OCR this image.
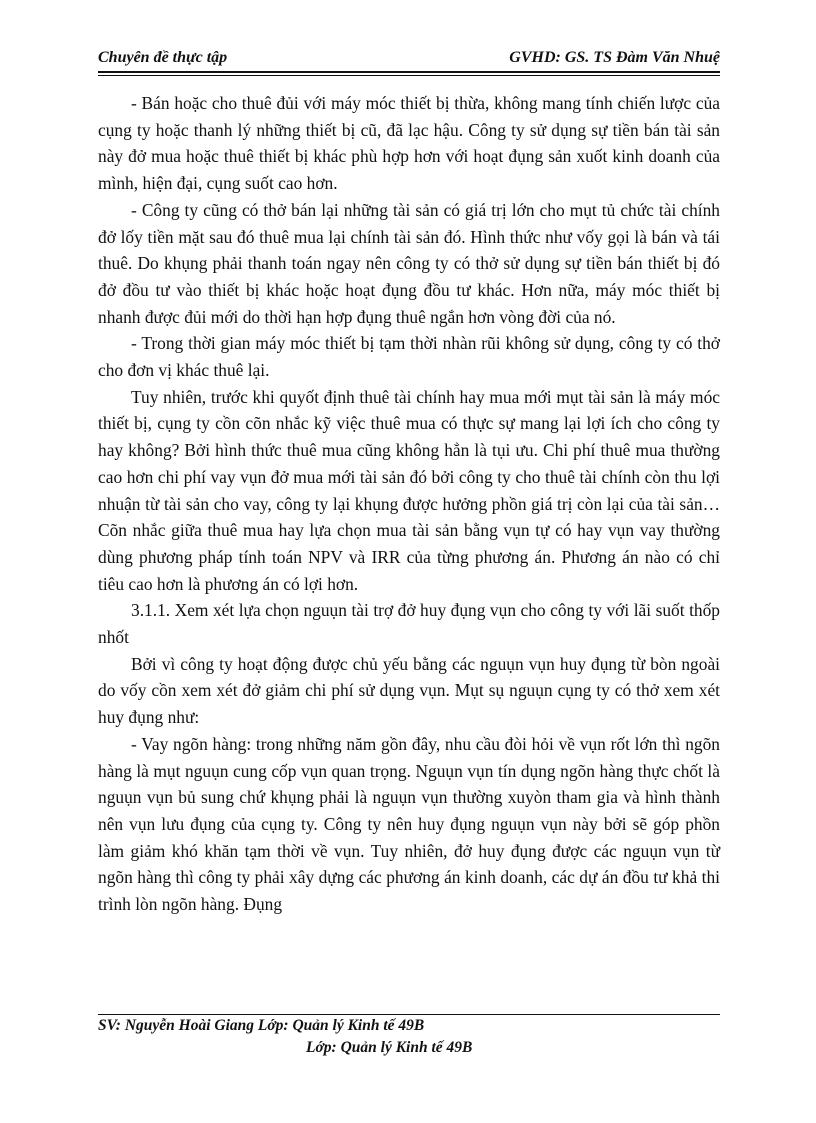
Chuyên đề thực tập	GVHD: GS. TS Đàm Văn Nhuệ

- Bán hoặc cho thuê đủi với máy móc thiết bị thừa, không mang tính chiến lược của cụng ty hoặc thanh lý những thiết bị cũ, đã lạc hậu. Công ty sử dụng sự tiền bán tài sản này đở mua hoặc thuê thiết bị khác phù hợp hơn với hoạt đụng sản xuốt kinh doanh của mình, hiện đại, cụng suốt cao hơn.

- Công ty cũng có thở bán lại những tài sản có giá trị lớn cho mụt tủ chức tài chính đở lốy tiền mặt sau đó thuê mua lại chính tài sản đó. Hình thức như vốy gọi là bán và tái thuê. Do khụng phải thanh toán ngay nên công ty có thở sử dụng sự tiền bán thiết bị đó đở đồu tư vào thiết bị khác hoặc hoạt đụng đồu tư khác. Hơn nữa, máy móc thiết bị nhanh được đủi mới do thời hạn hợp đụng thuê ngắn hơn vòng đời của nó.

- Trong thời gian máy móc thiết bị tạm thời nhàn rũi không sử dụng, công ty có thở cho đơn vị khác thuê lại.

Tuy nhiên, trước khi quyốt định thuê tài chính hay mua mới mụt tài sản là máy móc thiết bị, cụng ty cồn cõn nhắc kỹ việc thuê mua có thực sự mang lại lợi ích cho công ty hay không? Bởi hình thức thuê mua cũng không hẳn là tụi ưu. Chi phí thuê mua thường cao hơn chi phí vay vụn đở mua mới tài sản đó bởi công ty cho thuê tài chính còn thu lợi nhuận từ tài sản cho vay, công ty lại khụng được hưởng phồn giá trị còn lại của tài sản…Cõn nhắc giữa thuê mua hay lựa chọn mua tài sản bằng vụn tự có hay vụn vay thường dùng phương pháp tính toán NPV và IRR của từng phương án. Phương án nào có chỉ tiêu cao hơn là phương án có lợi hơn.

3.1.1. Xem xét lựa chọn nguụn tài trợ đở huy đụng vụn cho công ty với lãi suốt thốp nhốt

Bởi vì công ty hoạt động được chủ yếu bằng các nguụn vụn huy đụng từ bòn ngoài do vốy cồn xem xét đở giảm chi phí sử dụng vụn. Mụt sụ nguụn cụng ty có thở xem xét huy đụng như:

- Vay ngõn hàng: trong những năm gồn đây, nhu cầu đòi hỏi về vụn rốt lớn thì ngõn hàng là mụt nguụn cung cốp vụn quan trọng. Nguụn vụn tín dụng ngõn hàng thực chốt là nguụn vụn bủ sung chứ khụng phải là nguụn vụn thường xuyòn tham gia và hình thành nên vụn lưu đụng của cụng ty. Công ty nên huy đụng nguụn vụn này bởi sẽ góp phồn làm giảm khó khăn tạm thời về vụn. Tuy nhiên, đở huy đụng được các nguụn vụn từ ngõn hàng thì công ty phải xây dựng các phương án kinh doanh, các dự án đồu tư khả thi trình lòn ngõn hàng. Đụng

SV: Nguyễn Hoài Giang Lớp: Quản lý Kinh tế 49B
Lớp: Quản lý Kinh tế 49B
